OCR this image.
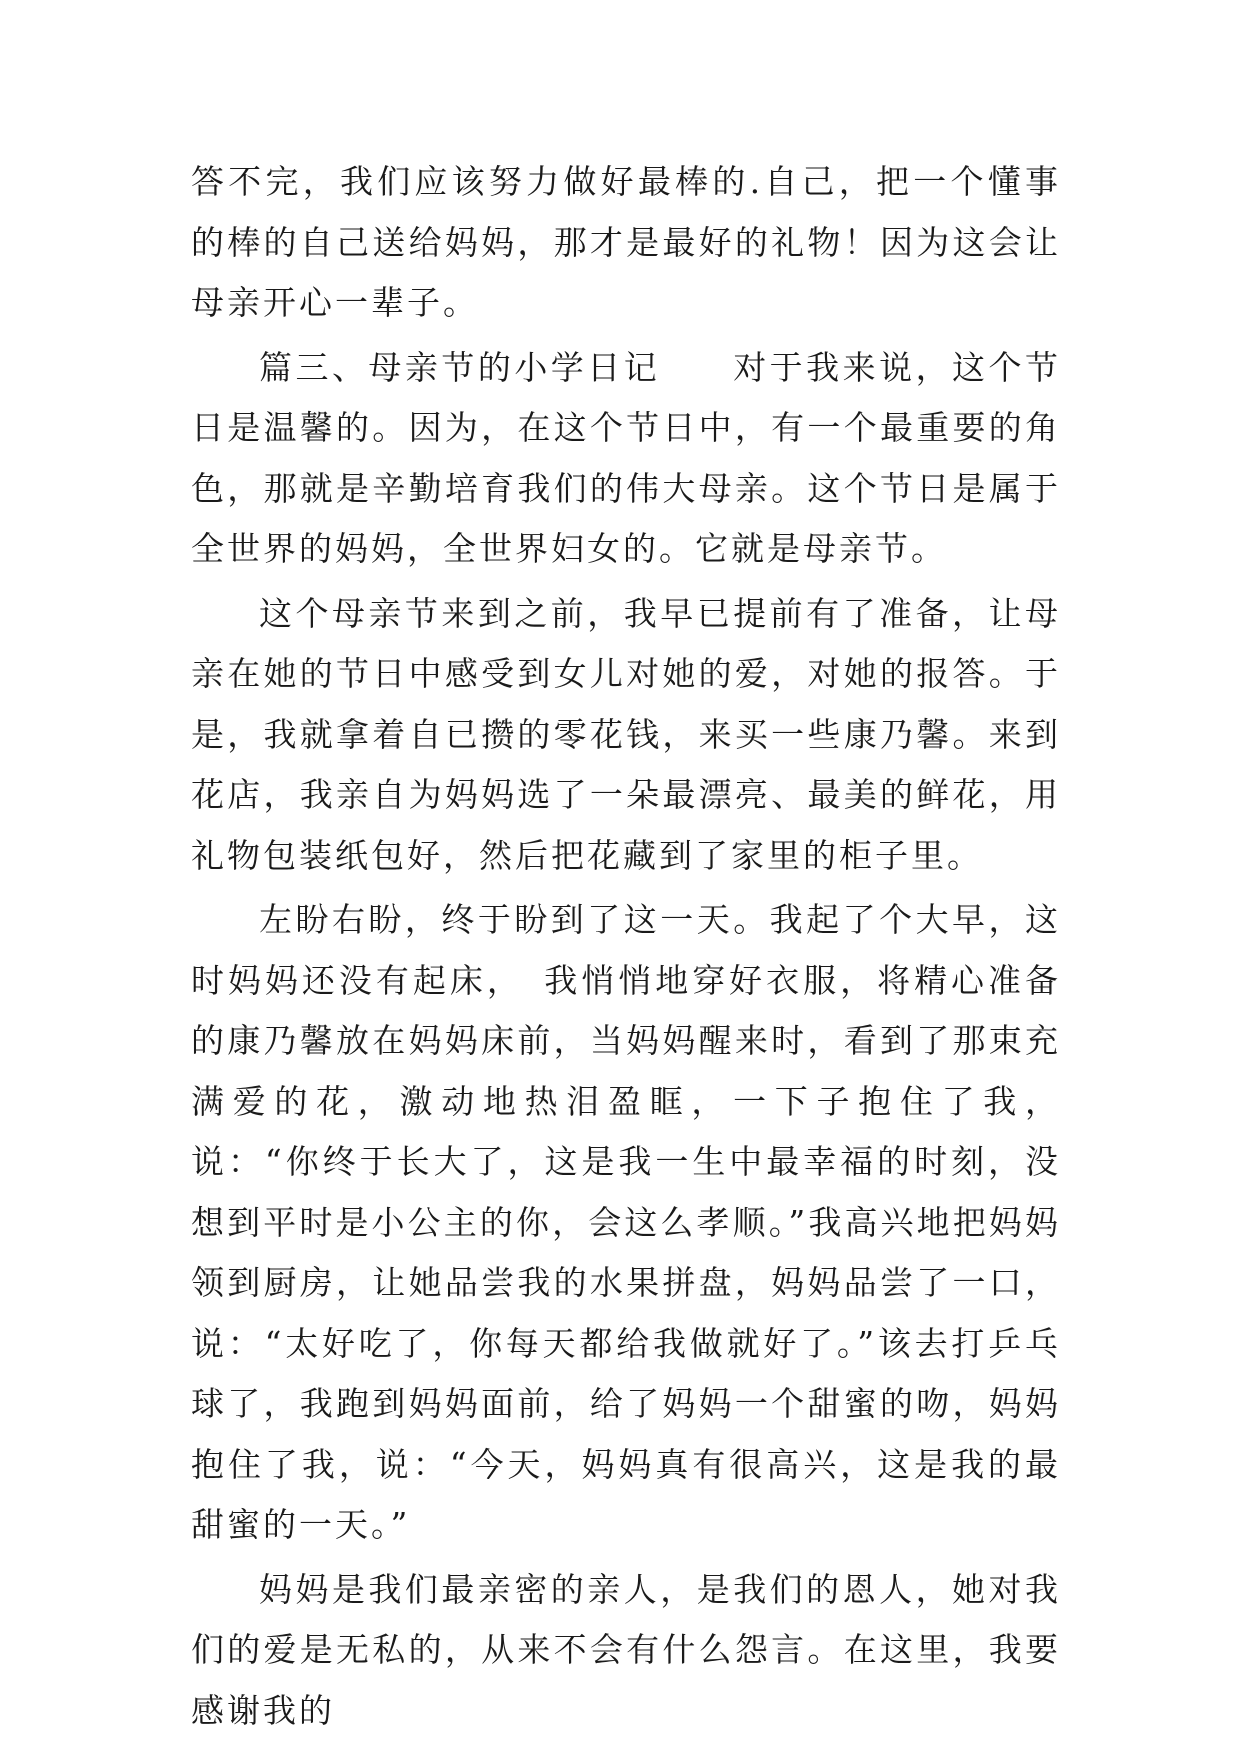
答不完，我们应该努力做好最棒的.自己，把一个懂事的棒的自己送给妈妈，那才是最好的礼物！因为这会让母亲开心一辈子。

篇三、母亲节的小学日记　　对于我来说，这个节日是温馨的。因为，在这个节日中，有一个最重要的角色，那就是辛勤培育我们的伟大母亲。这个节日是属于全世界的妈妈，全世界妇女的。它就是母亲节。

这个母亲节来到之前，我早已提前有了准备，让母亲在她的节日中感受到女儿对她的爱，对她的报答。于是，我就拿着自已攒的零花钱，来买一些康乃馨。来到花店，我亲自为妈妈选了一朵最漂亮、最美的鲜花，用礼物包装纸包好，然后把花藏到了家里的柜子里。

左盼右盼，终于盼到了这一天。我起了个大早，这时妈妈还没有起床，　我悄悄地穿好衣服，将精心准备的康乃馨放在妈妈床前，当妈妈醒来时，看到了那束充满爱的花，激动地热泪盈眶，一下子抱住了我，说：“你终于长大了，这是我一生中最幸福的时刻，没想到平时是小公主的你，会这么孝顺。”我高兴地把妈妈领到厨房，让她品尝我的水果拼盘，妈妈品尝了一口，说：“太好吃了，你每天都给我做就好了。”该去打乒乓球了，我跑到妈妈面前，给了妈妈一个甜蜜的吻，妈妈抱住了我，说：“今天，妈妈真有很高兴，这是我的最甜蜜的一天。”

妈妈是我们最亲密的亲人，是我们的恩人，她对我们的爱是无私的，从来不会有什么怨言。在这里，我要感谢我的
